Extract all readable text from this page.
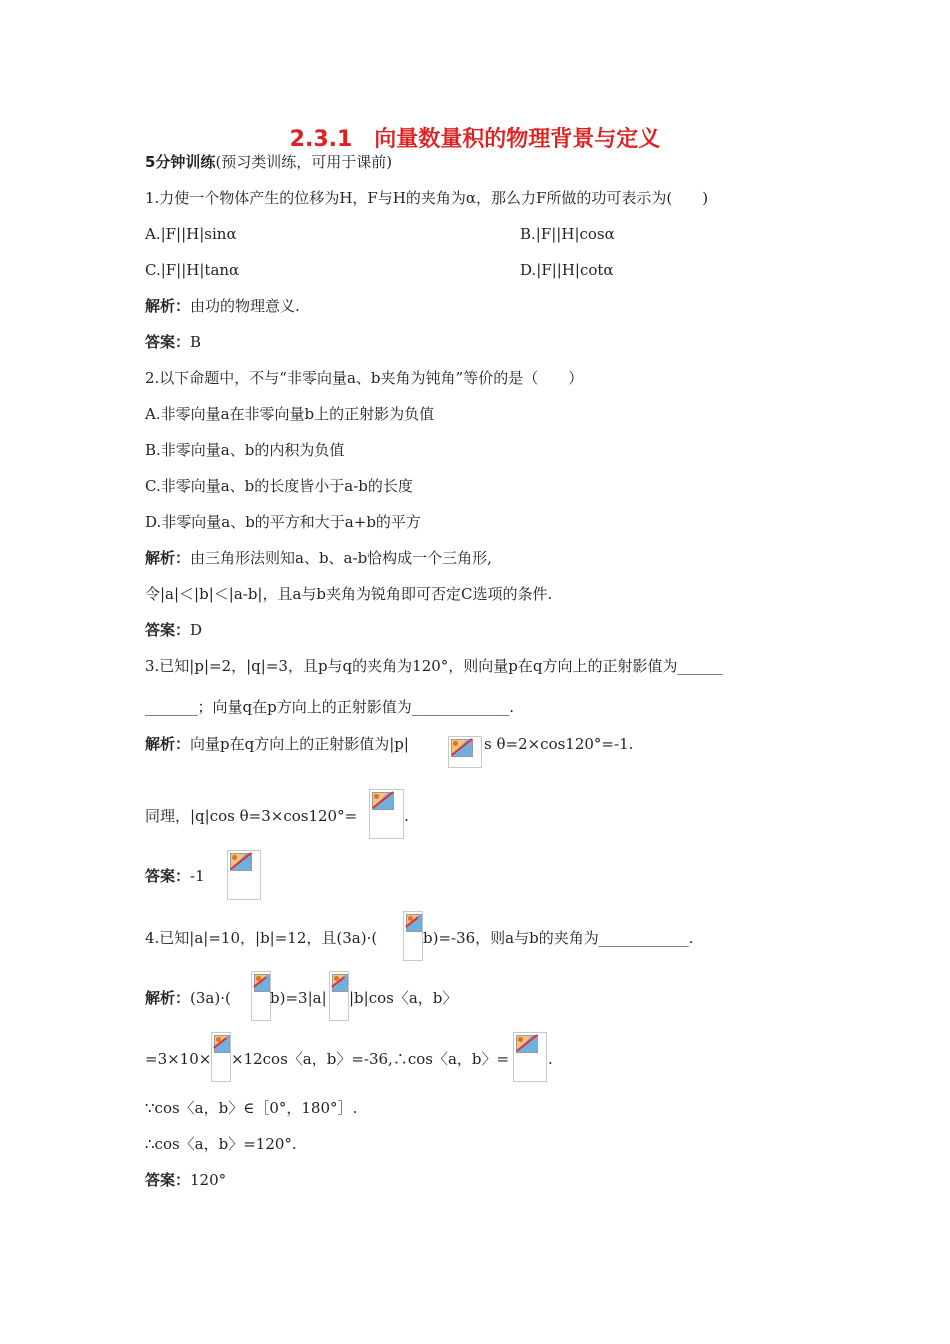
2.3.1　向量数量积的物理背景与定义
5分钟训练(预习类训练，可用于课前)
1.力使一个物体产生的位移为H，F与H的夹角为α，那么力F所做的功可表示为(　　)
A.|F||H|sinα	B.|F||H|cosα
C.|F||H|tanα	D.|F||H|cotα
解析：由功的物理意义.
答案：B
2.以下命题中，不与“非零向量a、b夹角为钝角”等价的是（　　）
A.非零向量a在非零向量b上的正射影为负值
B.非零向量a、b的内积为负值
C.非零向量a、b的长度皆小于a-b的长度
D.非零向量a、b的平方和大于a+b的平方
解析：由三角形法则知a、b、a-b恰构成一个三角形,
令|a|＜|b|＜|a-b|，且a与b夹角为锐角即可否定C选项的条件.
答案：D
3.已知|p|=2，|q|=3，且p与q的夹角为120°，则向量p在q方向上的正射影值为______
_______；向量q在p方向上的正射影值为_____________.
解析：向量p在q方向上的正射影值为|p|	s θ=2×cos120°=-1.
同理，|q|cos θ=3×cos120°=	.
答案：-1
4.已知|a|=10，|b|=12，且(3a)·(	b)=-36，则a与b的夹角为____________.
解析：(3a)·(	b)=3|a| |b|cos〈a，b〉
=3×10× ×12cos〈a，b〉=-36,∴cos〈a，b〉=	.
∵cos〈a，b〉∈［0°，180°］.
∴cos〈a，b〉=120°.
答案：120°
